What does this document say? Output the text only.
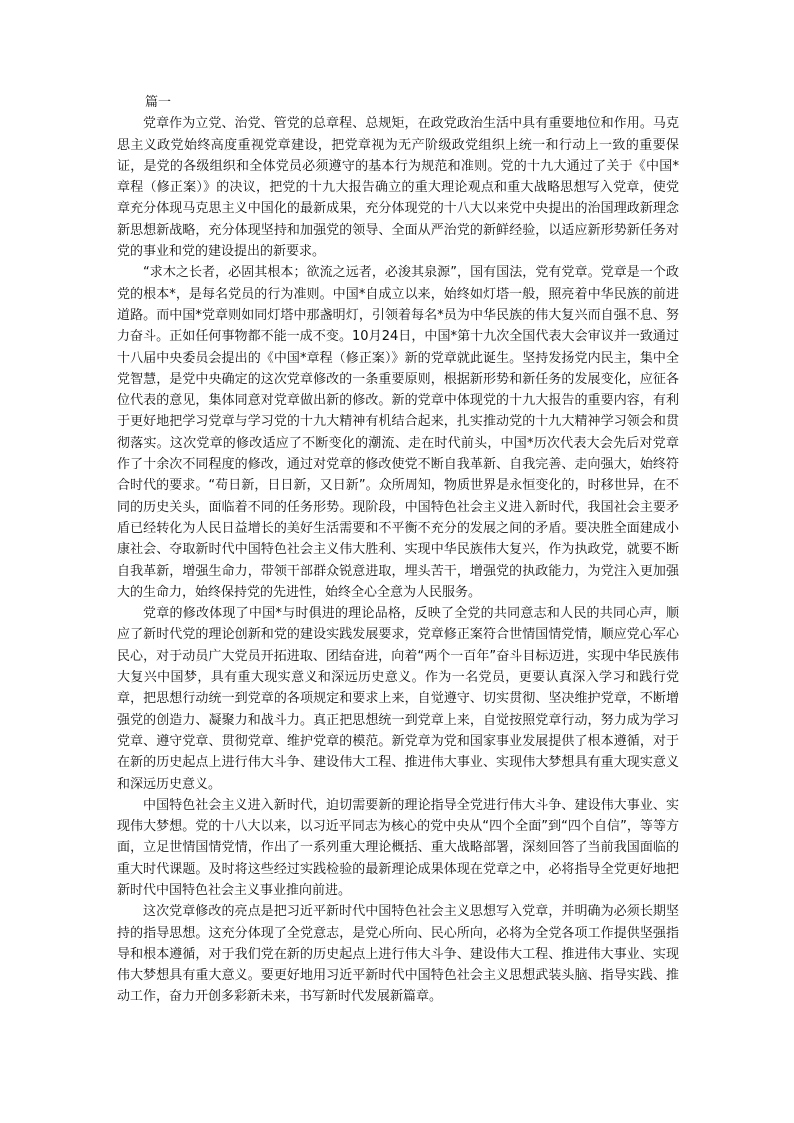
篇一

党章作为立党、治党、管党的总章程、总规矩，在政党政治生活中具有重要地位和作用。马克思主义政党始终高度重视党章建设，把党章视为无产阶级政党组织上统一和行动上一致的重要保证，是党的各级组织和全体党员必须遵守的基本行为规范和准则。党的十九大通过了关于《中国*章程（修正案）》的决议，把党的十九大报告确立的重大理论观点和重大战略思想写入党章，使党章充分体现马克思主义中国化的最新成果，充分体现党的十八大以来党中央提出的治国理政新理念新思想新战略，充分体现坚持和加强党的领导、全面从严治党的新鲜经验，以适应新形势新任务对党的事业和党的建设提出的新要求。

“求木之长者，必固其根本；欲流之远者，必浚其泉源”，国有国法，党有党章。党章是一个政党的根本*，是每名党员的行为准则。中国*自成立以来，始终如灯塔一般，照亮着中华民族的前进道路。而中国*党章则如同灯塔中那盏明灯，引领着每名*员为中华民族的伟大复兴而自强不息、努力奋斗。正如任何事物都不能一成不变。10月24日，中国*第十九次全国代表大会审议并一致通过十八届中央委员会提出的《中国*章程（修正案）》新的党章就此诞生。坚持发扬党内民主，集中全党智慧，是党中央确定的这次党章修改的一条重要原则，根据新形势和新任务的发展变化，应征各位代表的意见，集体同意对党章做出新的修改。新的党章中体现党的十九大报告的重要内容，有利于更好地把学习党章与学习党的十九大精神有机结合起来，扎实推动党的十九大精神学习领会和贯彻落实。这次党章的修改适应了不断变化的潮流、走在时代前头，中国*历次代表大会先后对党章作了十余次不同程度的修改，通过对党章的修改使党不断自我革新、自我完善、走向强大，始终符合时代的要求。“苟日新，日日新，又日新”。众所周知，物质世界是永恒变化的，时移世异，在不同的历史关头，面临着不同的任务形势。现阶段，中国特色社会主义进入新时代，我国社会主要矛盾已经转化为人民日益增长的美好生活需要和不平衡不充分的发展之间的矛盾。要决胜全面建成小康社会、夺取新时代中国特色社会主义伟大胜利、实现中华民族伟大复兴，作为执政党，就要不断自我革新，增强生命力，带领干部群众锐意进取，埋头苦干，增强党的执政能力，为党注入更加强大的生命力，始终保持党的先进性，始终全心全意为人民服务。

党章的修改体现了中国*与时俱进的理论品格，反映了全党的共同意志和人民的共同心声，顺应了新时代党的理论创新和党的建设实践发展要求，党章修正案符合世情国情党情，顺应党心军心民心，对于动员广大党员开拓进取、团结奋进，向着“两个一百年”奋斗目标迈进，实现中华民族伟大复兴中国梦，具有重大现实意义和深远历史意义。作为一名党员，更要认真深入学习和践行党章，把思想行动统一到党章的各项规定和要求上来，自觉遵守、切实贯彻、坚决维护党章，不断增强党的创造力、凝聚力和战斗力。真正把思想统一到党章上来，自觉按照党章行动，努力成为学习党章、遵守党章、贯彻党章、维护党章的模范。新党章为党和国家事业发展提供了根本遵循，对于在新的历史起点上进行伟大斗争、建设伟大工程、推进伟大事业、实现伟大梦想具有重大现实意义和深远历史意义。

中国特色社会主义进入新时代，迫切需要新的理论指导全党进行伟大斗争、建设伟大事业、实现伟大梦想。党的十八大以来，以习近平同志为核心的党中央从“四个全面”到“四个自信”，等等方面，立足世情国情党情，作出了一系列重大理论概括、重大战略部署，深刻回答了当前我国面临的重大时代课题。及时将这些经过实践检验的最新理论成果体现在党章之中，必将指导全党更好地把新时代中国特色社会主义事业推向前进。

这次党章修改的亮点是把习近平新时代中国特色社会主义思想写入党章，并明确为必须长期坚持的指导思想。这充分体现了全党意志，是党心所向、民心所向，必将为全党各项工作提供坚强指导和根本遵循，对于我们党在新的历史起点上进行伟大斗争、建设伟大工程、推进伟大事业、实现伟大梦想具有重大意义。要更好地用习近平新时代中国特色社会主义思想武装头脑、指导实践、推动工作，奋力开创多彩新未来，书写新时代发展新篇章。
